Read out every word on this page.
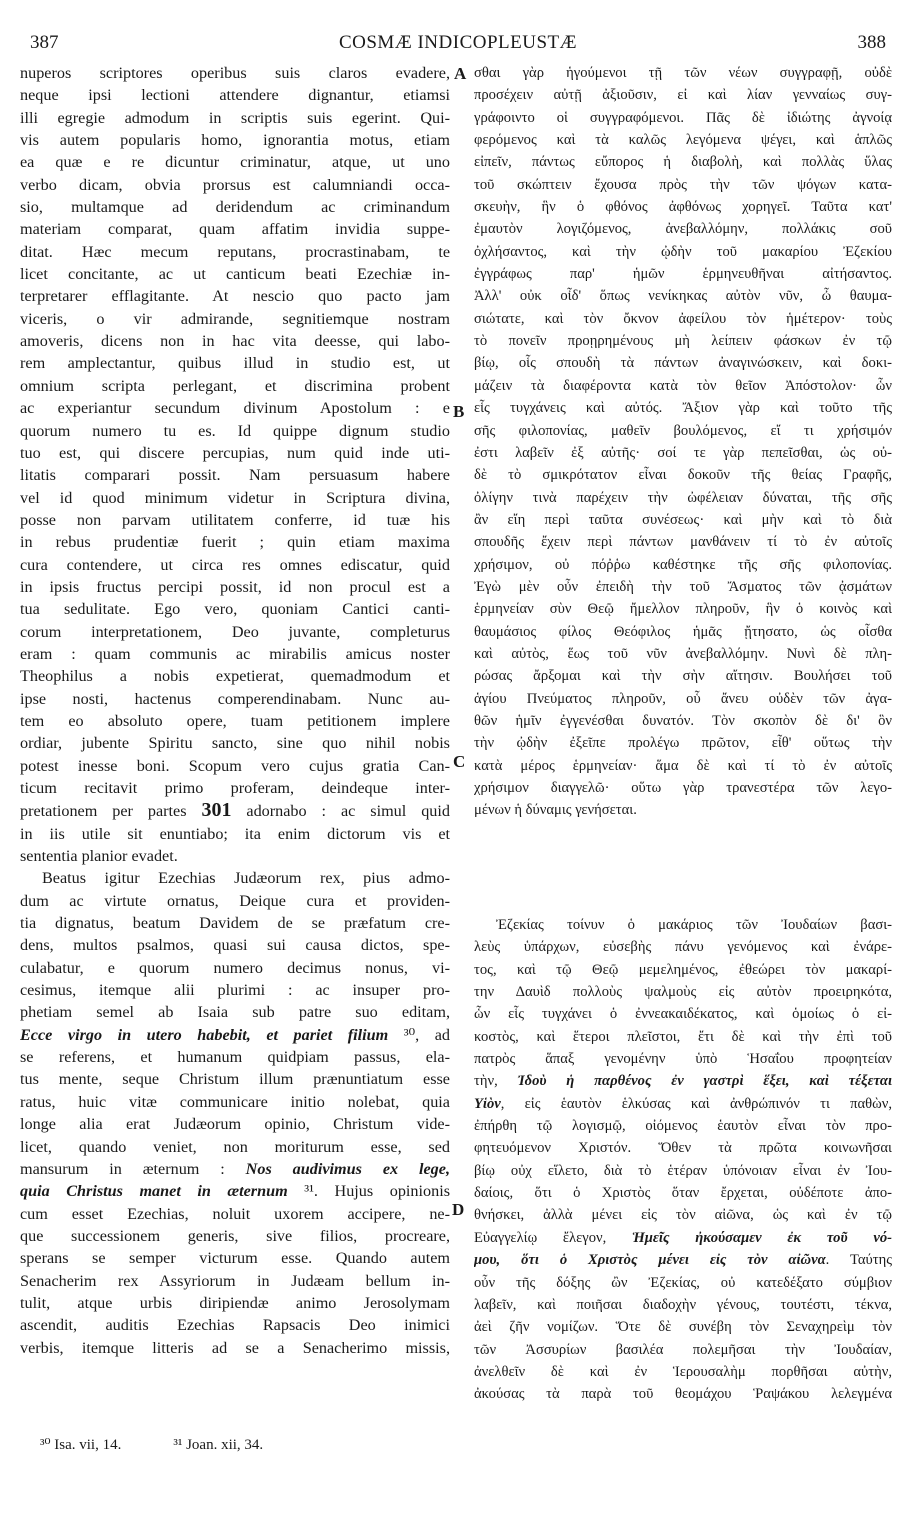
387	COSMÆ INDICOPLEUSTÆ	388
A
B
C
D
nuperos scriptores operibus suis claros evadere,
neque ipsi lectioni attendere dignantur, etiamsi
illi egregie admodum in scriptis suis egerint. Qui-
vis autem popularis homo, ignorantia motus, etiam
ea quæ e re dicuntur criminatur, atque, ut uno
verbo dicam, obvia prorsus est calumniandi occa-
sio, multamque ad deridendum ac criminandum
materiam comparat, quam affatim invidia suppe-
ditat. Hæc mecum reputans, procrastinabam, te
licet concitante, ac ut canticum beati Ezechiæ in-
terpretarer efflagitante. At nescio quo pacto jam
viceris, o vir admirande, segnitiemque nostram
amoveris, dicens non in hac vita deesse, qui labo-
rem amplectantur, quibus illud in studio est, ut
omnium scripta perlegant, et discrimina probent
ac experiantur secundum divinum Apostolum : e
quorum numero tu es. Id quippe dignum studio
tuo est, qui discere percupias, num quid inde uti-
litatis comparari possit. Nam persuasum habere
vel id quod minimum videtur in Scriptura divina,
posse non parvam utilitatem conferre, id tuæ his
in rebus prudentiæ fuerit ; quin etiam maxima
cura contendere, ut circa res omnes ediscatur, quid
in ipsis fructus percipi possit, id non procul est a
tua sedulitate. Ego vero, quoniam Cantici canti-
corum interpretationem, Deo juvante, completurus
eram : quam communis ac mirabilis amicus noster
Theophilus a nobis expetierat, quemadmodum et
ipse nosti, hactenus comperendinabam. Nunc au-
tem eo absoluto opere, tuam petitionem implere
ordiar, jubente Spiritu sancto, sine quo nihil nobis
potest inesse boni. Scopum vero cujus gratia Can-
ticum recitavit primo proferam, deindeque inter-
pretationem per partes 301 adornabo : ac simul quid
in iis utile sit enuntiabo; ita enim dictorum vis et
sententia planior evadet.
Beatus igitur Ezechias Judæorum rex, pius admo-
dum ac virtute ornatus, Deique cura et providen-
tia dignatus, beatum Davidem de se præfatum cre-
dens, multos psalmos, quasi sui causa dictos, spe-
culabatur, e quorum numero decimus nonus, vi-
cesimus, itemque alii plurimi : ac insuper pro-
phetiam semel ab Isaia sub patre suo editam,
Ecce virgo in utero habebit, et pariet filium ³⁰, ad
se referens, et humanum quidpiam passus, ela-
tus mente, seque Christum illum prænuntiatum esse
ratus, huic vitæ communicare initio nolebat, quia
longe alia erat Judæorum opinio, Christum vide-
licet, quando veniet, non moriturum esse, sed
mansurum in æternum : Nos audivimus ex lege,
quia Christus manet in æternum ³¹. Hujus opinionis
cum esset Ezechias, noluit uxorem accipere, ne-
que successionem generis, sive filios, procreare,
sperans se semper victurum esse. Quando autem
Senacherim rex Assyriorum in Judæam bellum in-
tulit, atque urbis diripiendæ animo Jerosolymam
ascendit, auditis Ezechias Rapsacis Deo inimici
verbis, itemque litteris ad se a Senacherimo missis,
³⁰ Isa. vii, 14.	³¹ Joan. xii, 34.
σθαι γὰρ ἡγούμενοι τῇ τῶν νέων συγγραφῇ, οὐδὲ
προσέχειν αὐτῇ ἀξιοῦσιν, εἰ καὶ λίαν γενναίως συγ-
γράφοιντο οἱ συγγραφόμενοι. Πᾶς δὲ ἰδιώτης ἀγνοίᾳ
φερόμενος καὶ τὰ καλῶς λεγόμενα ψέγει, καὶ ἁπλῶς
εἰπεῖν, πάντως εὔπορος ἡ διαβολὴ, καὶ πολλὰς ὕλας
τοῦ σκώπτειν ἔχουσα πρὸς τὴν τῶν ψόγων κατα-
σκευὴν, ἣν ὁ φθόνος ἀφθόνως χορηγεῖ. Ταῦτα κατ'
ἐμαυτὸν λογιζόμενος, ἀνεβαλλόμην, πολλάκις σοῦ
ὀχλήσαντος, καὶ τὴν ᾠδὴν τοῦ μακαρίου Ἐζεκίου
ἐγγράφως παρ' ἡμῶν ἑρμηνευθῆναι αἰτήσαντος.
Ἀλλ' οὐκ οἶδ' ὅπως νενίκηκας αὐτὸν νῦν, ὦ θαυμα-
σιώτατε, καὶ τὸν ὄκνον ἀφείλου τὸν ἡμέτερον· τοὺς
τὸ πονεῖν προῃρημένους μὴ λείπειν φάσκων ἐν τῷ
βίῳ, οἷς σπουδὴ τὰ πάντων ἀναγινώσκειν, καὶ δοκι-
μάζειν τὰ διαφέροντα κατὰ τὸν θεῖον Ἀπόστολον· ὧν
εἷς τυγχάνεις καὶ αὐτός. Ἄξιον γὰρ καὶ τοῦτο τῆς
σῆς φιλοπονίας, μαθεῖν βουλόμενος, εἴ τι χρήσιμόν
ἐστι λαβεῖν ἐξ αὐτῆς· σοί τε γὰρ πεπεῖσθαι, ὡς οὐ-
δὲ τὸ σμικρότατον εἶναι δοκοῦν τῆς θείας Γραφῆς,
ὀλίγην τινὰ παρέχειν τὴν ὠφέλειαν δύναται, τῆς σῆς
ἂν εἴη περὶ ταῦτα συνέσεως· καὶ μὴν καὶ τὸ διὰ
σπουδῆς ἔχειν περὶ πάντων μανθάνειν τί τὸ ἐν αὐτοῖς
χρήσιμον, οὐ πόῤῥω καθέστηκε τῆς σῆς φιλοπονίας.
Ἐγὼ μὲν οὖν ἐπειδὴ τὴν τοῦ Ἄσματος τῶν ᾀσμάτων
ἑρμηνείαν σὺν Θεῷ ἤμελλον πληροῦν, ἣν ὁ κοινὸς καὶ
θαυμάσιος φίλος Θεόφιλος ἡμᾶς ᾔτησατο, ὡς οἶσθα
καὶ αὐτὸς, ἕως τοῦ νῦν ἀνεβαλλόμην. Νυνὶ δὲ πλη-
ρώσας ἄρξομαι καὶ τὴν σὴν αἴτησιν. Βουλήσει τοῦ
ἁγίου Πνεύματος πληροῦν, οὗ ἄνευ οὐδὲν τῶν ἀγα-
θῶν ἡμῖν ἐγγενέσθαι δυνατόν. Τὸν σκοπὸν δὲ δι' ὃν
τὴν ᾠδὴν ἐξεῖπε προλέγω πρῶτον, εἶθ' οὕτως τὴν
κατὰ μέρος ἑρμηνείαν· ἅμα δὲ καὶ τί τὸ ἐν αὐτοῖς
χρήσιμον διαγγελῶ· οὕτω γὰρ τρανεστέρα τῶν λεγο-
μένων ἡ δύναμις γενήσεται.
Ἐζεκίας τοίνυν ὁ μακάριος τῶν Ἰουδαίων βασι-
λεὺς ὑπάρχων, εὐσεβὴς πάνυ γενόμενος καὶ ἐνάρε-
τος, καὶ τῷ Θεῷ μεμελημένος, ἐθεώρει τὸν μακαρί-
την Δαυὶδ πολλοὺς ψαλμοὺς εἰς αὐτὸν προειρηκότα,
ὧν εἷς τυγχάνει ὁ ἐννεακαιδέκατος, καὶ ὁμοίως ὁ εἰ-
κοστὸς, καὶ ἕτεροι πλεῖστοι, ἔτι δὲ καὶ τὴν ἐπὶ τοῦ
πατρὸς ἅπαξ γενομένην ὑπὸ Ἡσαΐου προφητείαν
τὴν, Ἰδοὺ ἡ παρθένος ἐν γαστρὶ ἕξει, καὶ τέξεται
Υἱὸν, εἰς ἑαυτὸν ἑλκύσας καὶ ἀνθρώπινόν τι παθὼν,
ἐπήρθη τῷ λογισμῷ, οἰόμενος ἑαυτὸν εἶναι τὸν προ-
φητευόμενον Χριστόν. Ὅθεν τὰ πρῶτα κοινωνῆσαι
βίῳ οὐχ εἵλετο, διὰ τὸ ἑτέραν ὑπόνοιαν εἶναι ἐν Ἰου-
δαίοις, ὅτι ὁ Χριστὸς ὅταν ἔρχεται, οὐδέποτε ἀπο-
θνήσκει, ἀλλὰ μένει εἰς τὸν αἰῶνα, ὡς καὶ ἐν τῷ
Εὐαγγελίῳ ἔλεγον, Ἡμεῖς ἠκούσαμεν ἐκ τοῦ νό-
μου, ὅτι ὁ Χριστὸς μένει εἰς τὸν αἰῶνα. Ταύτης
οὖν τῆς δόξης ὢν Ἐζεκίας, οὐ κατεδέξατο σύμβιον
λαβεῖν, καὶ ποιῆσαι διαδοχὴν γένους, τουτέστι, τέκνα,
ἀεὶ ζῆν νομίζων. Ὅτε δὲ συνέβη τὸν Σεναχηρεὶμ τὸν
τῶν Ἀσσυρίων βασιλέα πολεμῆσαι τὴν Ἰουδαίαν,
ἀνελθεῖν δὲ καὶ ἐν Ἱερουσαλὴμ πορθῆσαι αὐτὴν,
ἀκούσας τὰ παρὰ τοῦ θεομάχου Ῥαψάκου λελεγμένα
